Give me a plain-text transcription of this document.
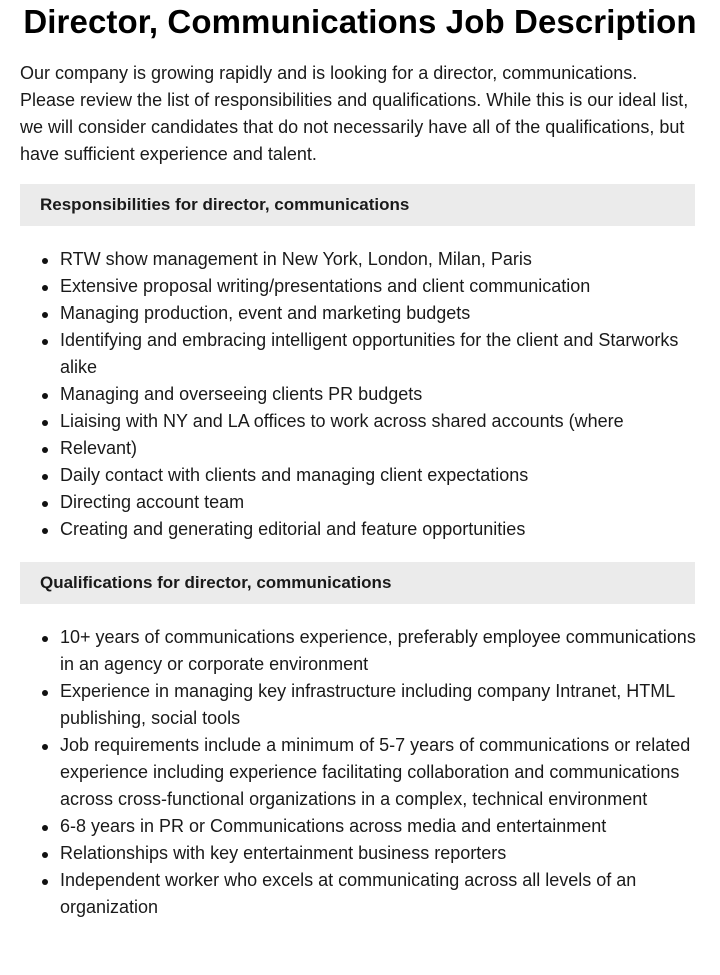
Director, Communications Job Description

Our company is growing rapidly and is looking for a director, communications. Please review the list of responsibilities and qualifications. While this is our ideal list, we will consider candidates that do not necessarily have all of the qualifications, but have sufficient experience and talent.

Responsibilities for director, communications
RTW show management in New York, London, Milan, Paris
Extensive proposal writing/presentations and client communication
Managing production, event and marketing budgets
Identifying and embracing intelligent opportunities for the client and Starworks alike
Managing and overseeing clients PR budgets
Liaising with NY and LA offices to work across shared accounts (where
Relevant)
Daily contact with clients and managing client expectations
Directing account team
Creating and generating editorial and feature opportunities
Qualifications for director, communications
10+ years of communications experience, preferably employee communications in an agency or corporate environment
Experience in managing key infrastructure including company Intranet, HTML publishing, social tools
Job requirements include a minimum of 5-7 years of communications or related experience including experience facilitating collaboration and communications across cross-functional organizations in a complex, technical environment
6-8 years in PR or Communications across media and entertainment
Relationships with key entertainment business reporters
Independent worker who excels at communicating across all levels of an organization
